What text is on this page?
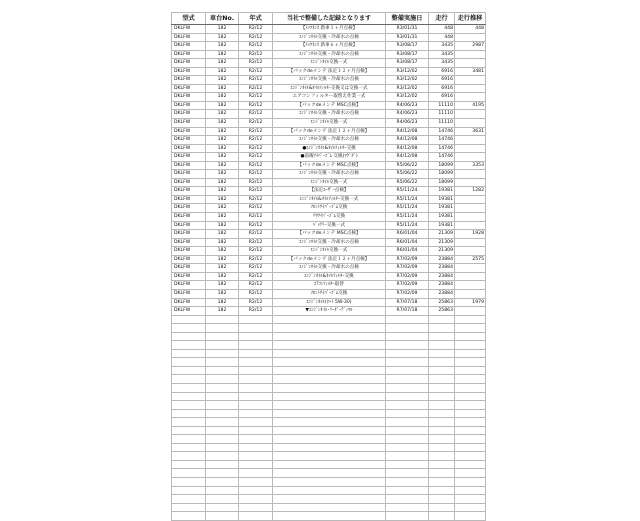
型式	車台No.	年式	当社で整備した記録となります	整備実施日	走行	走行推移
DKLFW	182	R2/12	【ﾒｯｸﾈﾝｽ 新車１ヶ月点検】	R3/01/31	448	448
DKLFW	182	R2/12	ｴﾝｼﾞﾝｵｲﾙ交換・冷却水の点検	R3/01/31	448	
DKLFW	182	R2/12	【ﾒｯｸﾈﾝｽ 新車６ヶ月点検】	R3/08/17	3435	2987
DKLFW	182	R2/12	ｴﾝｼﾞﾝｵｲﾙ交換・冷却水の点検	R3/08/17	3435	
DKLFW	182	R2/12	ｴﾝｼﾞﾝｵｲﾙ交換一式	R3/08/17	3435	
DKLFW	182	R2/12	【パックdeメンテ 法定１２ヶ月点検】	R3/12/02	6916	3481
DKLFW	182	R2/12	ｴﾝｼﾞﾝｵｲﾙ交換・冷却水の点検	R3/12/02	6916	
DKLFW	182	R2/12	ｴﾝｼﾞﾝｵｲﾙ&ｵｲﾙﾌｨﾙﾀｰ交換又は交換一式	R3/12/02	6916	
DKLFW	182	R2/12	エアコンフィルター取替え作業一式	R3/12/02	6916	
DKLFW	182	R2/12	【パックdeメンテ MSC点検】	R4/06/23	11110	4195
DKLFW	182	R2/12	ｴﾝｼﾞﾝｵｲﾙ交換・冷却水の点検	R4/06/23	11110	
DKLFW	182	R2/12	ｴﾝｼﾞﾝｵｲﾙ交換一式	R4/06/23	11110	
DKLFW	182	R2/12	【パックdeメンテ 法定１２ヶ月点検】	R4/12/08	14746	3631
DKLFW	182	R2/12	ｴﾝｼﾞﾝｵｲﾙ交換・冷却水の点検	R4/12/08	14746	
DKLFW	182	R2/12	●ｴﾝｼﾞﾝｵｲﾙ&ｵｲﾙﾌｨﾙﾀｰ交換	R4/12/08	14746	
DKLFW	182	R2/12	●前後ﾜｲﾊﾟｰｺﾞﾑ 交換(ﾏｸﾞﾀﾞ)	R4/12/08	14746	
DKLFW	182	R2/12	【パックdeメンテ MSC点検】	R5/06/22	18099	3353
DKLFW	182	R2/12	ｴﾝｼﾞﾝｵｲﾙ交換・冷却水の点検	R5/06/22	18099	
DKLFW	182	R2/12	ｴﾝｼﾞﾝｵｲﾙ交換一式	R5/06/22	18099	
DKLFW	182	R2/12	【法定ﾕｰｻﾞｰ点検】	R5/11/24	19381	1282
DKLFW	182	R2/12	ｴﾝｼﾞﾝｵｲﾙ&ｵｲﾙﾌｨﾙﾀｰ交換一式	R5/11/24	19381	
DKLFW	182	R2/12	ﾌﾛﾝﾄﾜｲﾊﾟｰｺﾞﾑ交換	R5/11/24	19381	
DKLFW	182	R2/12	ﾘﾔﾜｲﾊﾟｰｺﾞﾑ交換	R5/11/24	19381	
DKLFW	182	R2/12	ﾊﾞｯﾃﾘｰ交換一式	R5/11/24	19381	
DKLFW	182	R2/12	【パックdeメンテ MSC点検】	R6/01/04	21309	1928
DKLFW	182	R2/12	ｴﾝｼﾞﾝｵｲﾙ交換・冷却水の点検	R6/01/04	21309	
DKLFW	182	R2/12	ｴﾝｼﾞﾝｵｲﾙ交換一式	R6/01/04	21309	
DKLFW	182	R2/12	【パックdeメンテ 法定１２ヶ月点検】	R7/02/09	23884	2575
DKLFW	182	R2/12	ｴﾝｼﾞﾝｵｲﾙ交換・冷却水の点検	R7/02/09	23884	
DKLFW	182	R2/12	ｴﾝｼﾞﾝｵｲﾙ&ｵｲﾙﾌｨﾙﾀｰ交換	R7/02/09	23884	
DKLFW	182	R2/12	ｴｱｺﾝﾌｨﾙﾀｰ取替	R7/02/09	23884	
DKLFW	182	R2/12	ﾌﾛﾝﾄﾜｲﾊﾟｰｺﾞﾑ交換	R7/02/09	23884	
DKLFW	182	R2/12	ｴﾝｼﾞﾝｵｲﾙ(ﾈｯﾄ 5W-30)	R7/07/18	25863	1979
DKLFW	182	R2/12	▼ｴﾝｼﾞﾝｵｲﾙ･ﾘｰﾀﾞｰﾃﾞｨﾏﾙ	R7/07/18	25863	
